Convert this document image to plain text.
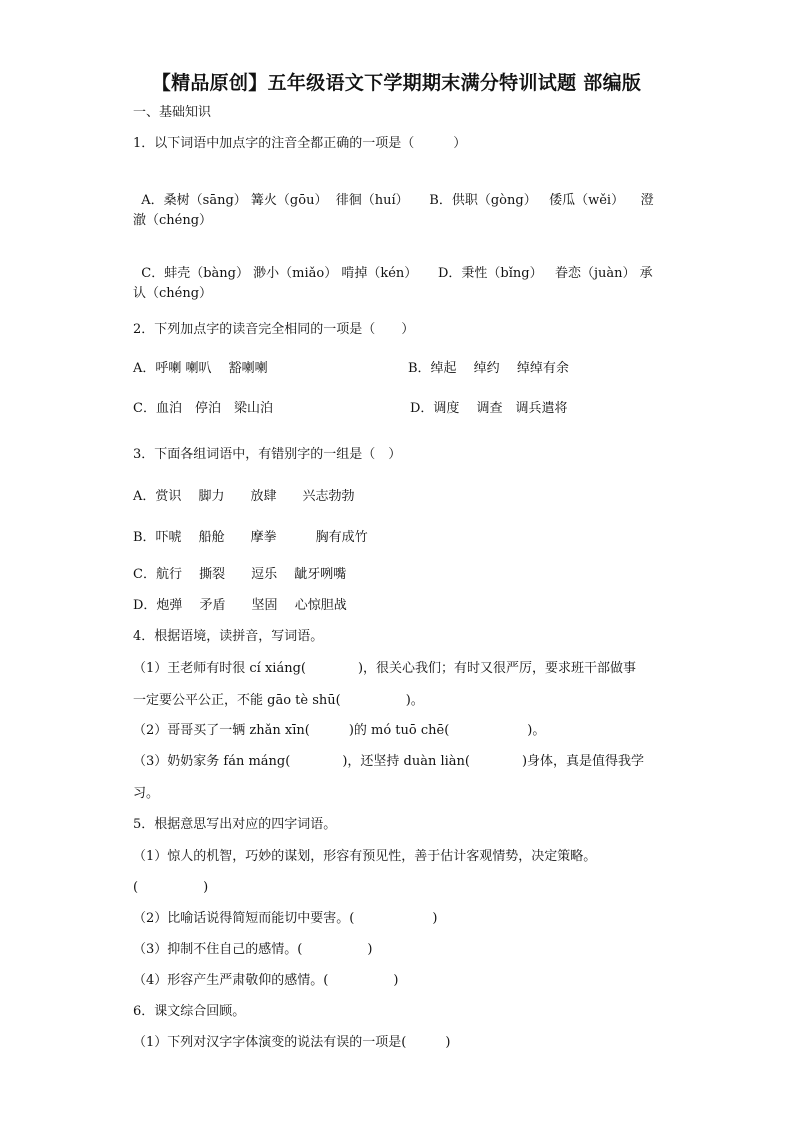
【精品原创】五年级语文下学期期末满分特训试题 部编版
一、基础知识
1．以下词语中加点字的注音全都正确的一项是（　　　）

A．桑树（sāng） 篝火（gōu） 徘徊（huí） B．供职（gòng） 倭瓜（wěi） 澄

澈（chéng）

C．蚌壳（bàng） 渺小（miǎo） 啃掉（kén） D．秉性（bǐng） 眷恋（juàn） 承

认（chéng）
2．下列加点字的读音完全相同的一项是（　　）
A．呼喇 喇叭　 豁喇喇	B．绰起　 绰约　 绰绰有余
C．血泊　停泊　梁山泊	D．调度　 调查　调兵遣将
3．下面各组词语中，有错别字的一组是（　）
A．赏识　 脚力　　放肆　　兴志勃勃
B．吓唬　 船舱　　摩拳　　　胸有成竹
C．航行　 撕裂　　逗乐　 龇牙咧嘴
D．炮弹　 矛盾　　坚固　 心惊胆战
4．根据语境，读拼音，写词语。
（1）王老师有时很 cí xiáng(　　　　)，很关心我们；有时又很严厉，要求班干部做事
一定要公平公正，不能 gāo tè shū(　　　　　)。
（2）哥哥买了一辆 zhǎn xīn(　　　)的 mó tuō chē(　　　　　　)。
（3）奶奶家务 fán máng(　　　　)，还坚持 duàn liàn(　　　　)身体，真是值得我学
习。
5．根据意思写出对应的四字词语。
（1）惊人的机智，巧妙的谋划，形容有预见性，善于估计客观情势，决定策略。
(　　　　　)
（2）比喻话说得简短而能切中要害。(　　　　　　)
（3）抑制不住自己的感情。(　　　　　)
（4）形容产生严肃敬仰的感情。(　　　　　)
6．课文综合回顾。
（1）下列对汉字字体演变的说法有误的一项是(　　　)
